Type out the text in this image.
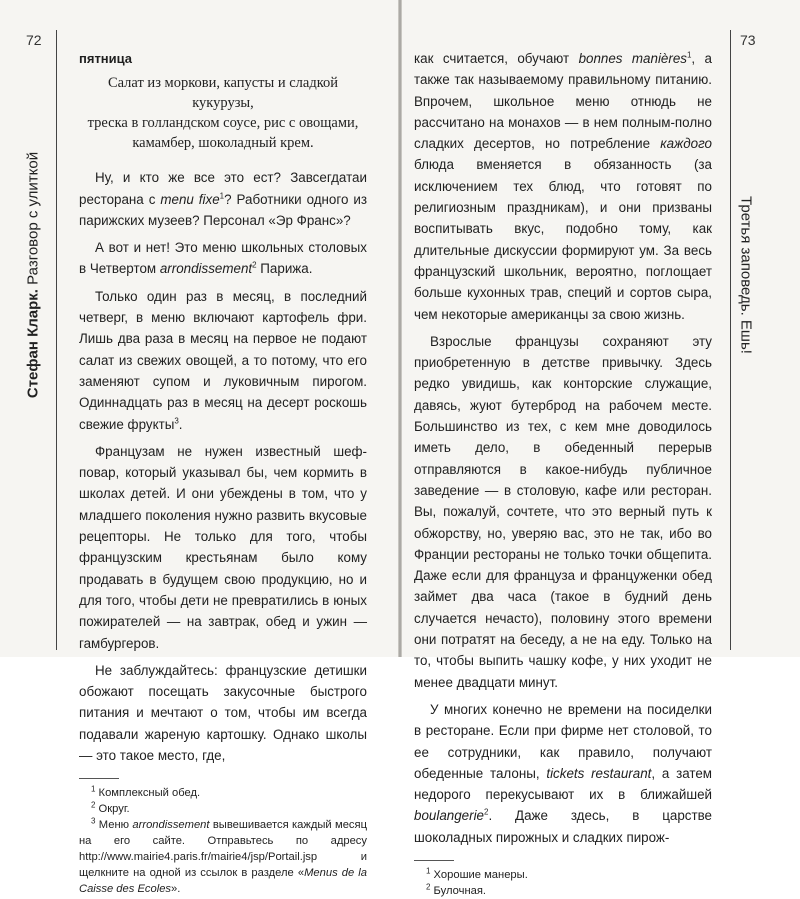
72	73
Стефан Кларк. Разговор с улиткой	Третья заповедь. Ешь!
пятница
Салат из моркови, капусты и сладкой кукурузы,
треска в голландском соусе, рис с овощами,
камамбер, шоколадный крем.

Ну, и кто же все это ест? Завсегдатаи ресторана с menu fixe$^1$? Работники одного из парижских музеев? Персонал «Эр Франс»?

А вот и нет! Это меню школьных столовых в Четвертом arrondissement$^2$ Парижа.

Только один раз в месяц, в последний четверг, в меню включают картофель фри. Лишь два раза в месяц на первое не подают салат из свежих овощей, а то потому, что его заменяют супом и луковичным пирогом. Одиннадцать раз в месяц на десерт роскошь свежие фрукты$^3$.

Французам не нужен известный шеф-повар, который указывал бы, чем кормить в школах детей. И они убеждены в том, что у младшего поколения нужно развить вкусовые рецепторы. Не только для того, чтобы французским крестьянам было кому продавать в будущем свою продукцию, но и для того, чтобы дети не превратились в юных пожирателей — на завтрак, обед и ужин — гамбургеров.

Не заблуждайтесь: французские детишки обожают посещать закусочные быстрого питания и мечтают о том, чтобы им всегда подавали жареную картошку. Однако школы — это такое место, где,

$^1$ Комплексный обед.

$^2$ Округ.

$^3$ Меню arrondissement вывешивается каждый месяц на его сайте. Отправьтесь по адресу http://www.mairie4.paris.fr/mairie4/jsp/Portail.jsp и щелкните на одной из ссылок в разделе «Menus de la Caisse des Ecoles».

как считается, обучают bonnes manières$^1$, а также так называемому правильному питанию. Впрочем, школьное меню отнюдь не рассчитано на монахов — в нем полным-полно сладких десертов, но потребление каждого блюда вменяется в обязанность (за исключением тех блюд, что готовят по религиозным праздникам), и они призваны воспитывать вкус, подобно тому, как длительные дискуссии формируют ум. За весь французский школьник, вероятно, поглощает больше кухонных трав, специй и сортов сыра, чем некоторые американцы за свою жизнь.

Взрослые французы сохраняют эту приобретенную в детстве привычку. Здесь редко увидишь, как конторские служащие, давясь, жуют бутерброд на рабочем месте. Большинство из тех, с кем мне доводилось иметь дело, в обеденный перерыв отправляются в какое-нибудь публичное заведение — в столовую, кафе или ресторан. Вы, пожалуй, сочтете, что это верный путь к обжорству, но, уверяю вас, это не так, ибо во Франции рестораны не только точки общепита. Даже если для француза и француженки обед займет два часа (такое в будний день случается нечасто), половину этого времени они потратят на беседу, а не на еду. Только на то, чтобы выпить чашку кофе, у них уходит не менее двадцати минут.

У многих конечно не времени на посиделки в ресторане. Если при фирме нет столовой, то ее сотрудники, как правило, получают обеденные талоны, tickets restaurant, а затем недорого перекусывают их в ближайшей boulangerie$^2$. Даже здесь, в царстве шоколадных пирожных и сладких пирож-

$^1$ Хорошие манеры.

$^2$ Булочная.
